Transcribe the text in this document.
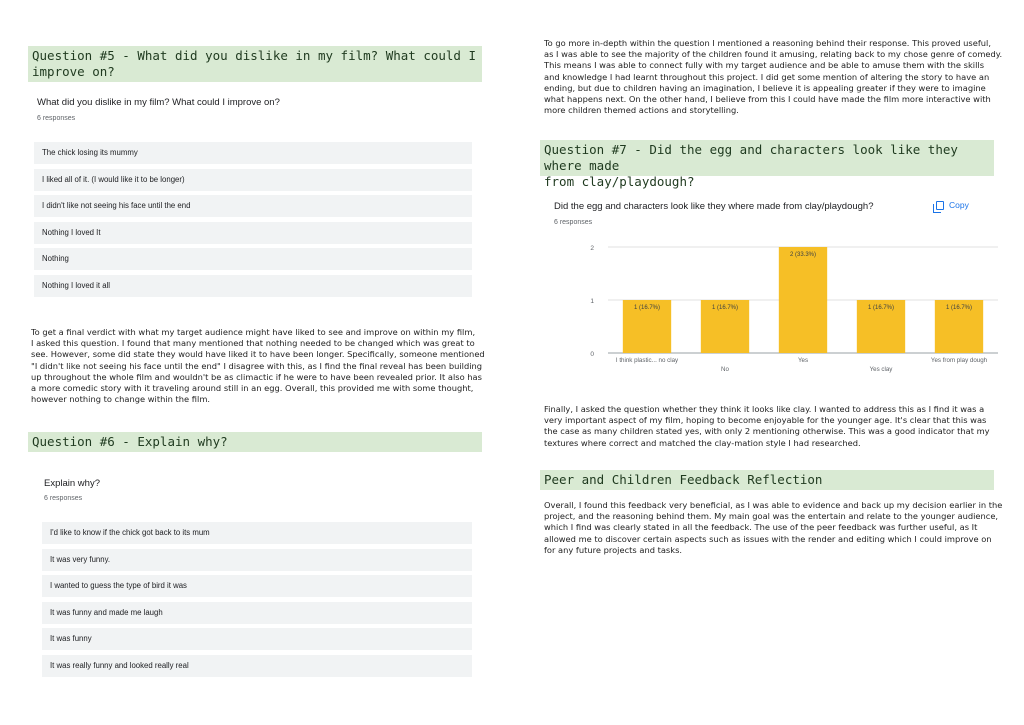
Question #5 - What did you dislike in my film? What could I improve on?
What did you dislike in my film? What could I improve on?
6 responses
The chick losing its mummy
I liked all of it. (I would like it to be longer)
I didn't like not seeing his face until the end
Nothing I loved It
Nothing
Nothing I loved it all
To get a final verdict with what my target audience might have liked to see and improve on within my film,
I asked this question. I found that many mentioned that nothing needed to be changed which was great to
see. However, some did state they would have liked it to have been longer. Specifically, someone mentioned
"I didn't like not seeing his face until the end" I disagree with this, as I find the final reveal has been building
up throughout the whole film and wouldn't be as climactic if he were to have been revealed prior. It also has
a more comedic story with it traveling around still in an egg. Overall, this provided me with some thought,
however nothing to change within the film.
Question #6 - Explain why?
Explain why?
6 responses
I'd like to know if the chick got back to its mum
It was very funny.
I wanted to guess the type of bird it was
It was funny and made me laugh
It was funny
It was really funny and looked really real
To go more in-depth within the question I mentioned a reasoning behind their response. This proved useful,
as I was able to see the majority of the children found it amusing, relating back to my chose genre of comedy.
This means I was able to connect fully with my target audience and be able to amuse them with the skills
and knowledge I had learnt throughout this project. I did get some mention of altering the story to have an
ending, but due to children having an imagination, I believe it is appealing greater if they were to imagine
what happens next. On the other hand, I believe from this I could have made the film more interactive with
more children themed actions and storytelling.
Question #7 - Did the egg and characters look like they where made
from clay/playdough?
Did the egg and characters look like they where made from clay/playdough?
6 responses
Copy
0
1
2
1 (16.7%)
I think plastic... no clay
1 (16.7%)
No
2 (33.3%)
Yes
1 (16.7%)
Yes clay
1 (16.7%)
Yes from play dough
Finally, I asked the question whether they think it looks like clay. I wanted to address this as I find it was a
very important aspect of my film, hoping to become enjoyable for the younger age. It's clear that this was
the case as many children stated yes, with only 2 mentioning otherwise. This was a good indicator that my
textures where correct and matched the clay-mation style I had researched.
Peer and Children Feedback Reflection
Overall, I found this feedback very beneficial, as I was able to evidence and back up my decision earlier in the
project, and the reasoning behind them. My main goal was the entertain and relate to the younger audience,
which I find was clearly stated in all the feedback. The use of the peer feedback was further useful, as It
allowed me to discover certain aspects such as issues with the render and editing which I could improve on
for any future projects and tasks.
